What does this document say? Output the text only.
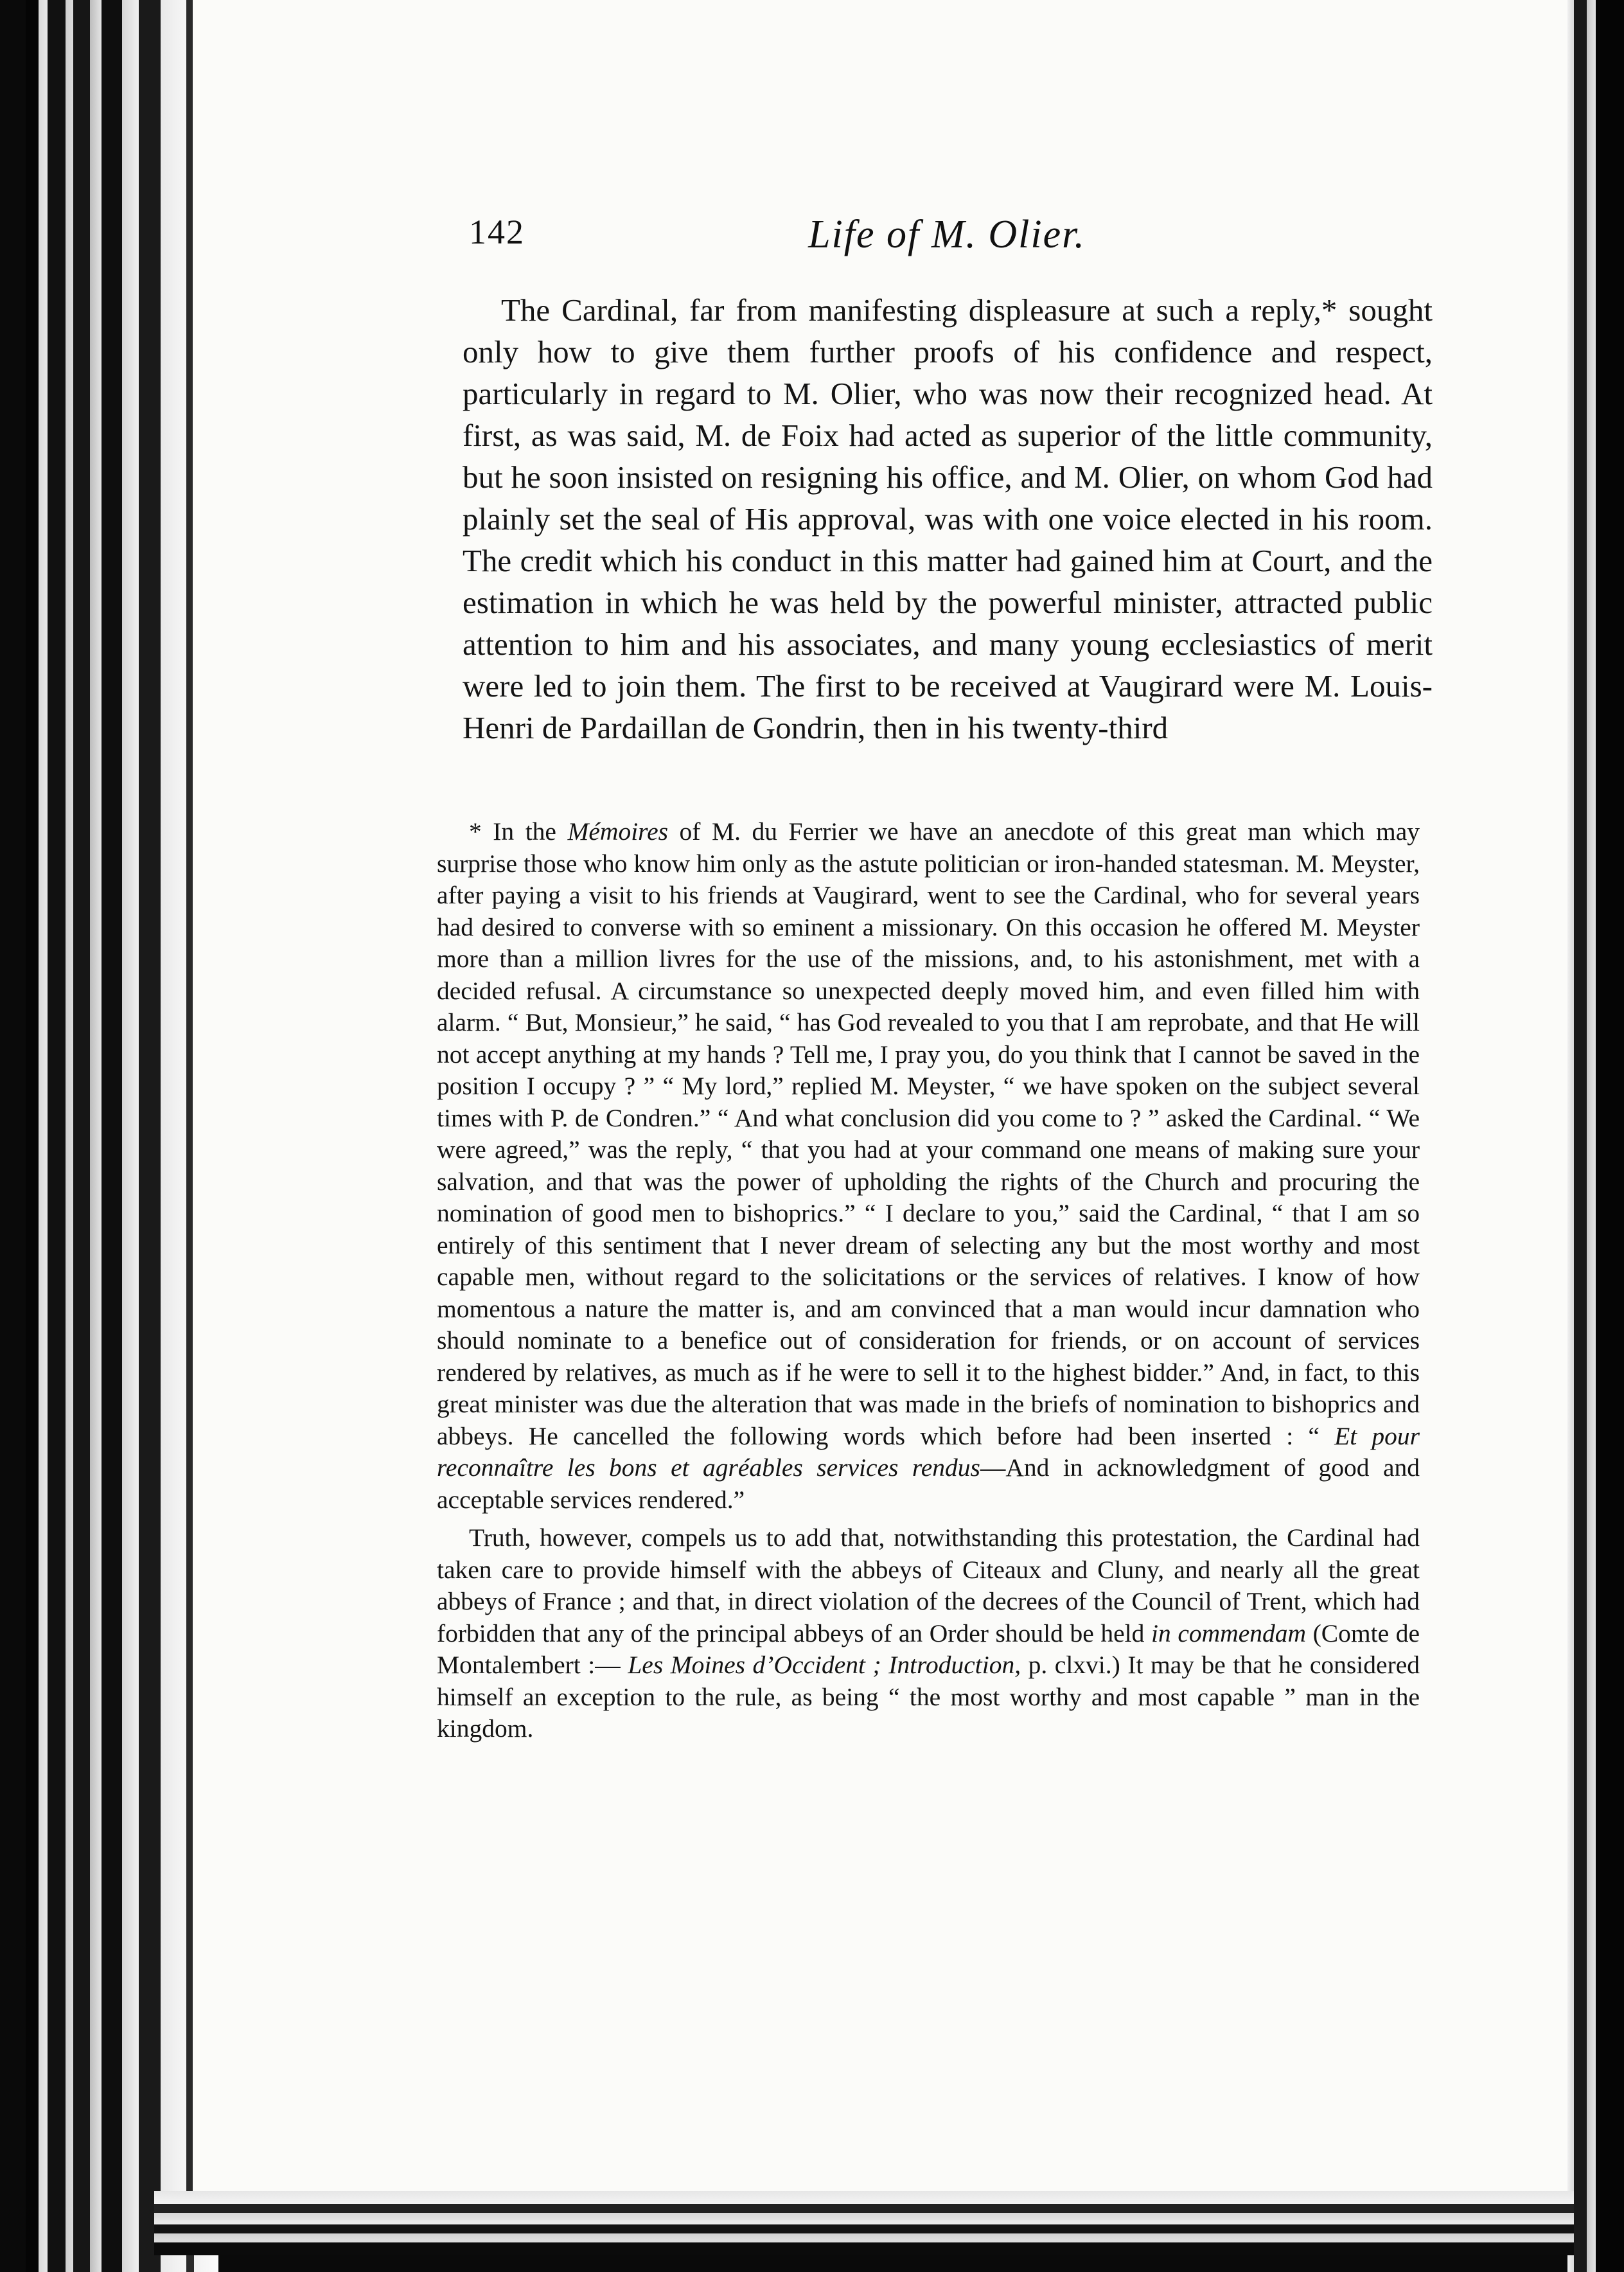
142	Life of M. Olier.

The Cardinal, far from manifesting displeasure at such a reply,* sought only how to give them further proofs of his confidence and respect, particularly in regard to M. Olier, who was now their recognized head. At first, as was said, M. de Foix had acted as superior of the little community, but he soon insisted on resigning his office, and M. Olier, on whom God had plainly set the seal of His approval, was with one voice elected in his room. The credit which his conduct in this matter had gained him at Court, and the estimation in which he was held by the powerful minister, attracted public attention to him and his associates, and many young ecclesiastics of merit were led to join them. The first to be received at Vaugirard were M. Louis-Henri de Pardaillan de Gondrin, then in his twenty-third

* In the Mémoires of M. du Ferrier we have an anecdote of this great man which may surprise those who know him only as the astute politician or iron-handed statesman. M. Meyster, after paying a visit to his friends at Vaugirard, went to see the Cardinal, who for several years had desired to converse with so eminent a missionary. On this occasion he offered M. Meyster more than a million livres for the use of the missions, and, to his astonishment, met with a decided refusal. A circumstance so unexpected deeply moved him, and even filled him with alarm. “ But, Monsieur,” he said, “ has God revealed to you that I am reprobate, and that He will not accept anything at my hands ? Tell me, I pray you, do you think that I cannot be saved in the position I occupy ? ” “ My lord,” replied M. Meyster, “ we have spoken on the subject several times with P. de Condren.” “ And what conclusion did you come to ? ” asked the Cardinal. “ We were agreed,” was the reply, “ that you had at your command one means of making sure your salvation, and that was the power of upholding the rights of the Church and procuring the nomination of good men to bishoprics.” “ I declare to you,” said the Cardinal, “ that I am so entirely of this sentiment that I never dream of selecting any but the most worthy and most capable men, without regard to the solicitations or the services of relatives. I know of how momentous a nature the matter is, and am convinced that a man would incur damnation who should nominate to a benefice out of consideration for friends, or on account of services rendered by relatives, as much as if he were to sell it to the highest bidder.” And, in fact, to this great minister was due the alteration that was made in the briefs of nomination to bishoprics and abbeys. He cancelled the following words which before had been inserted : “ Et pour reconnaître les bons et agréables services rendus—And in acknowledgment of good and acceptable services rendered.”

Truth, however, compels us to add that, notwithstanding this protestation, the Cardinal had taken care to provide himself with the abbeys of Citeaux and Cluny, and nearly all the great abbeys of France ; and that, in direct violation of the decrees of the Council of Trent, which had forbidden that any of the principal abbeys of an Order should be held in commendam (Comte de Montalembert :— Les Moines d’Occident ; Introduction, p. clxvi.) It may be that he considered himself an exception to the rule, as being “ the most worthy and most capable ” man in the kingdom.
